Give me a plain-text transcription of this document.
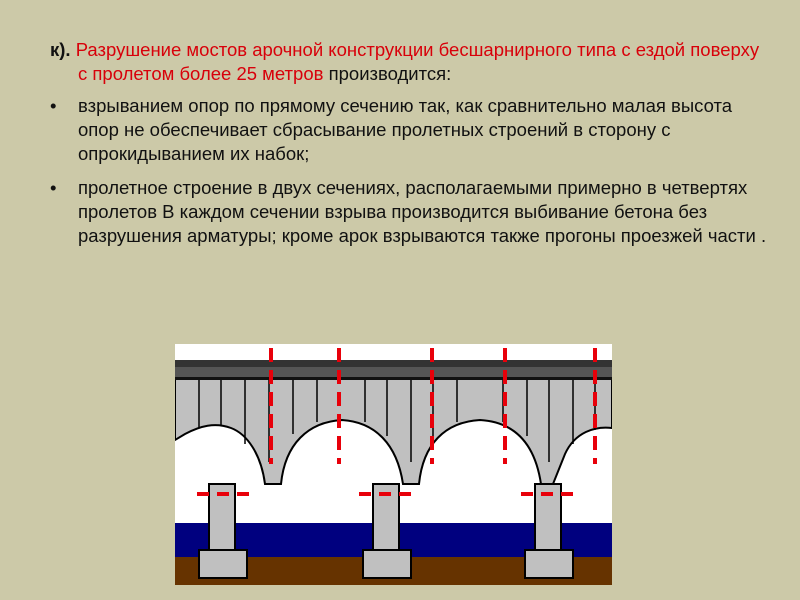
к). Разрушение мостов арочной конструкции бесшарнирного типа с ездой поверху с пролетом более 25 метров производится:

• взрыванием опор по прямому сечению так, как сравнительно малая высота опор не обеспечивает сбрасывание пролетных строений в сторону с опрокидыванием их набок;
• пролетное строение в двух сечениях, располагаемыми примерно в четвертях пролетов В каждом сечении взрыва производится выбивание бетона без разрушения арматуры; кроме арок взрываются также прогоны проезжей части .
